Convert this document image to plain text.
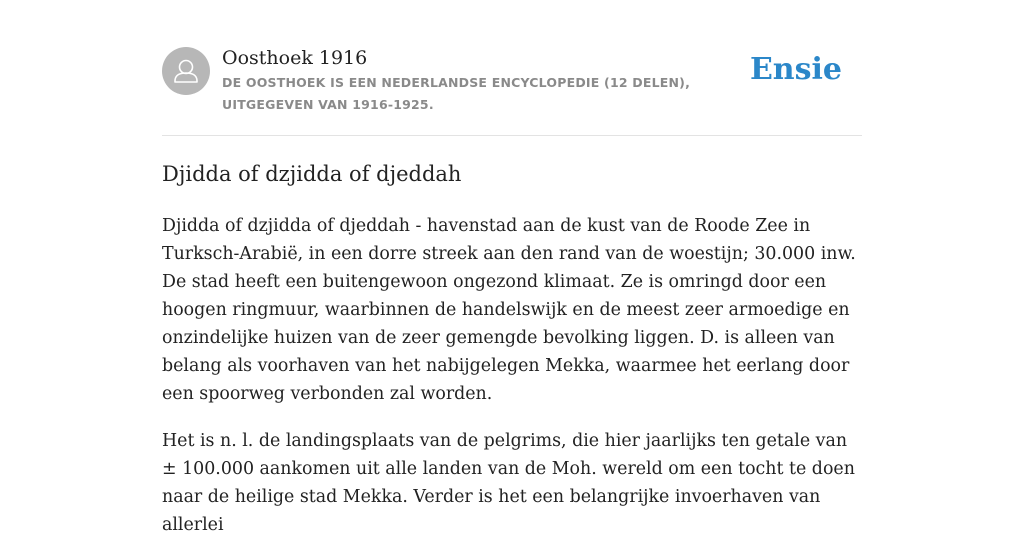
Oosthoek 1916
DE OOSTHOEK IS EEN NEDERLANDSE ENCYCLOPEDIE (12 DELEN), UITGEGEVEN VAN 1916-1925.
Ensie
Djidda of dzjidda of djeddah

Djidda of dzjidda of djeddah - havenstad aan de kust van de Roode Zee in Turksch-Arabië, in een dorre streek aan den rand van de woestijn; 30.000 inw. De stad heeft een buitengewoon ongezond klimaat. Ze is omringd door een hoogen ringmuur, waarbinnen de handelswijk en de meest zeer armoedige en onzindelijke huizen van de zeer gemengde bevolking liggen. D. is alleen van belang als voorhaven van het nabijgelegen Mekka, waarmee het eerlang door een spoorweg verbonden zal worden.

Het is n. l. de landingsplaats van de pelgrims, die hier jaarlijks ten getale van ± 100.000 aankomen uit alle landen van de Moh. wereld om een tocht te doen naar de heilige stad Mekka. Verder is het een belangrijke invoerhaven van allerlei
